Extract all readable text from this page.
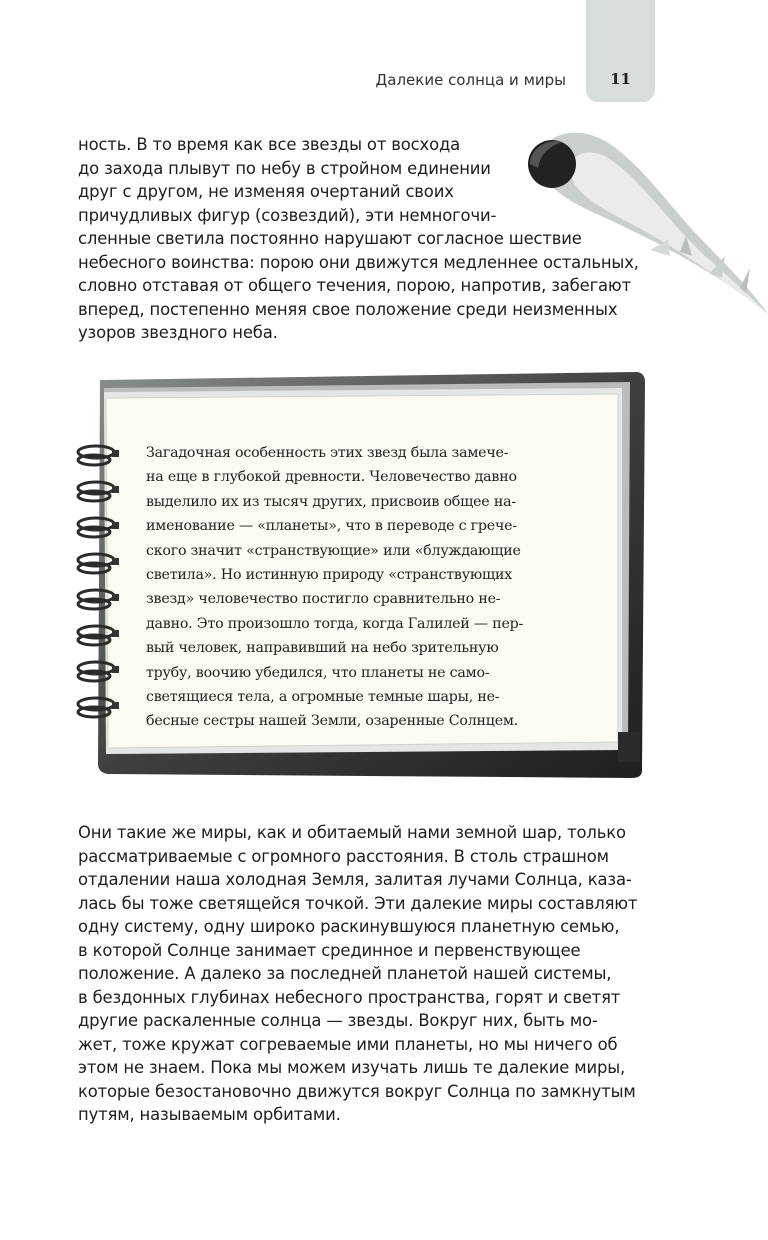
Далекие солнца и миры	11

ность. В то время как все звезды от восхода

до захода плывут по небу в стройном единении

друг с другом, не изменяя очертаний своих

причудливых фигур (созвездий), эти немногочи-

сленные светила постоянно нарушают согласное шествие

небесного воинства: порою они движутся медленнее остальных,

словно отставая от общего течения, порою, напротив, забегают

вперед, постепенно меняя свое положение среди неизменных

узоров звездного неба.

Загадочная особенность этих звезд была замече-

на еще в глубокой древности. Человечество давно

выделило их из тысяч других, присвоив общее на-

именование — «планеты», что в переводе с грече-

ского значит «странствующие» или «блуждающие

светила». Но истинную природу «странствующих

звезд» человечество постигло сравнительно не-

давно. Это произошло тогда, когда Галилей — пер-

вый человек, направивший на небо зрительную

трубу, воочию убедился, что планеты не само-

светящиеся тела, а огромные темные шары, не-

бесные сестры нашей Земли, озаренные Солнцем.

Они такие же миры, как и обитаемый нами земной шар, только

рассматриваемые с огромного расстояния. В столь страшном

отдалении наша холодная Земля, залитая лучами Солнца, каза-

лась бы тоже светящейся точкой. Эти далекие миры составляют

одну систему, одну широко раскинувшуюся планетную семью,

в которой Солнце занимает срединное и первенствующее

положение. А далеко за последней планетой нашей системы,

в бездонных глубинах небесного пространства, горят и светят

другие раскаленные солнца — звезды. Вокруг них, быть мо-

жет, тоже кружат согреваемые ими планеты, но мы ничего об

этом не знаем. Пока мы можем изучать лишь те далекие миры,

которые безостановочно движутся вокруг Солнца по замкнутым

путям, называемым орбитами.
